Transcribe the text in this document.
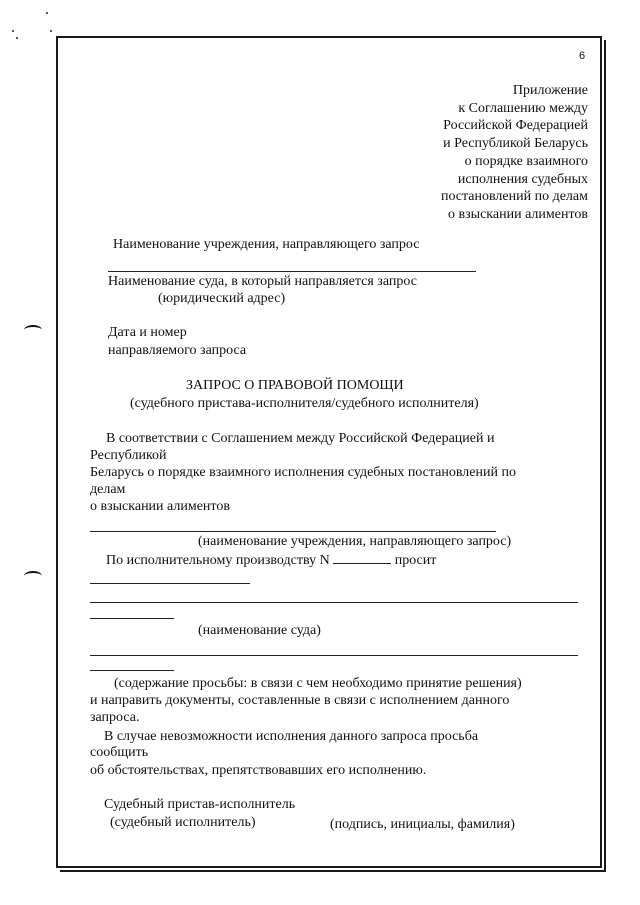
6
Приложение
к Соглашению между
Российской Федерацией
и Республикой Беларусь
о порядке взаимного
исполнения судебных
постановлений по делам
о взыскании алиментов
Наименование учреждения, направляющего запрос
Наименование суда, в который направляется запрос
(юридический адрес)
Дата и номер
направляемого запроса
ЗАПРОС О ПРАВОВОЙ ПОМОЩИ
(судебного пристава-исполнителя/судебного исполнителя)
В соответствии с Соглашением между Российской Федерацией и
Республикой
Беларусь о порядке взаимного исполнения судебных постановлений по
делам
о взыскании алиментов
(наименование учреждения, направляющего запрос)
По исполнительному производству N	просит
(наименование суда)
(содержание просьбы: в связи с чем необходимо принятие решения)
и направить документы, составленные в связи с исполнением данного
запроса.
В случае невозможности исполнения данного запроса просьба
сообщить
об обстоятельствах, препятствовавших его исполнению.
Судебный пристав-исполнитель
(судебный исполнитель)	(подпись, инициалы, фамилия)
